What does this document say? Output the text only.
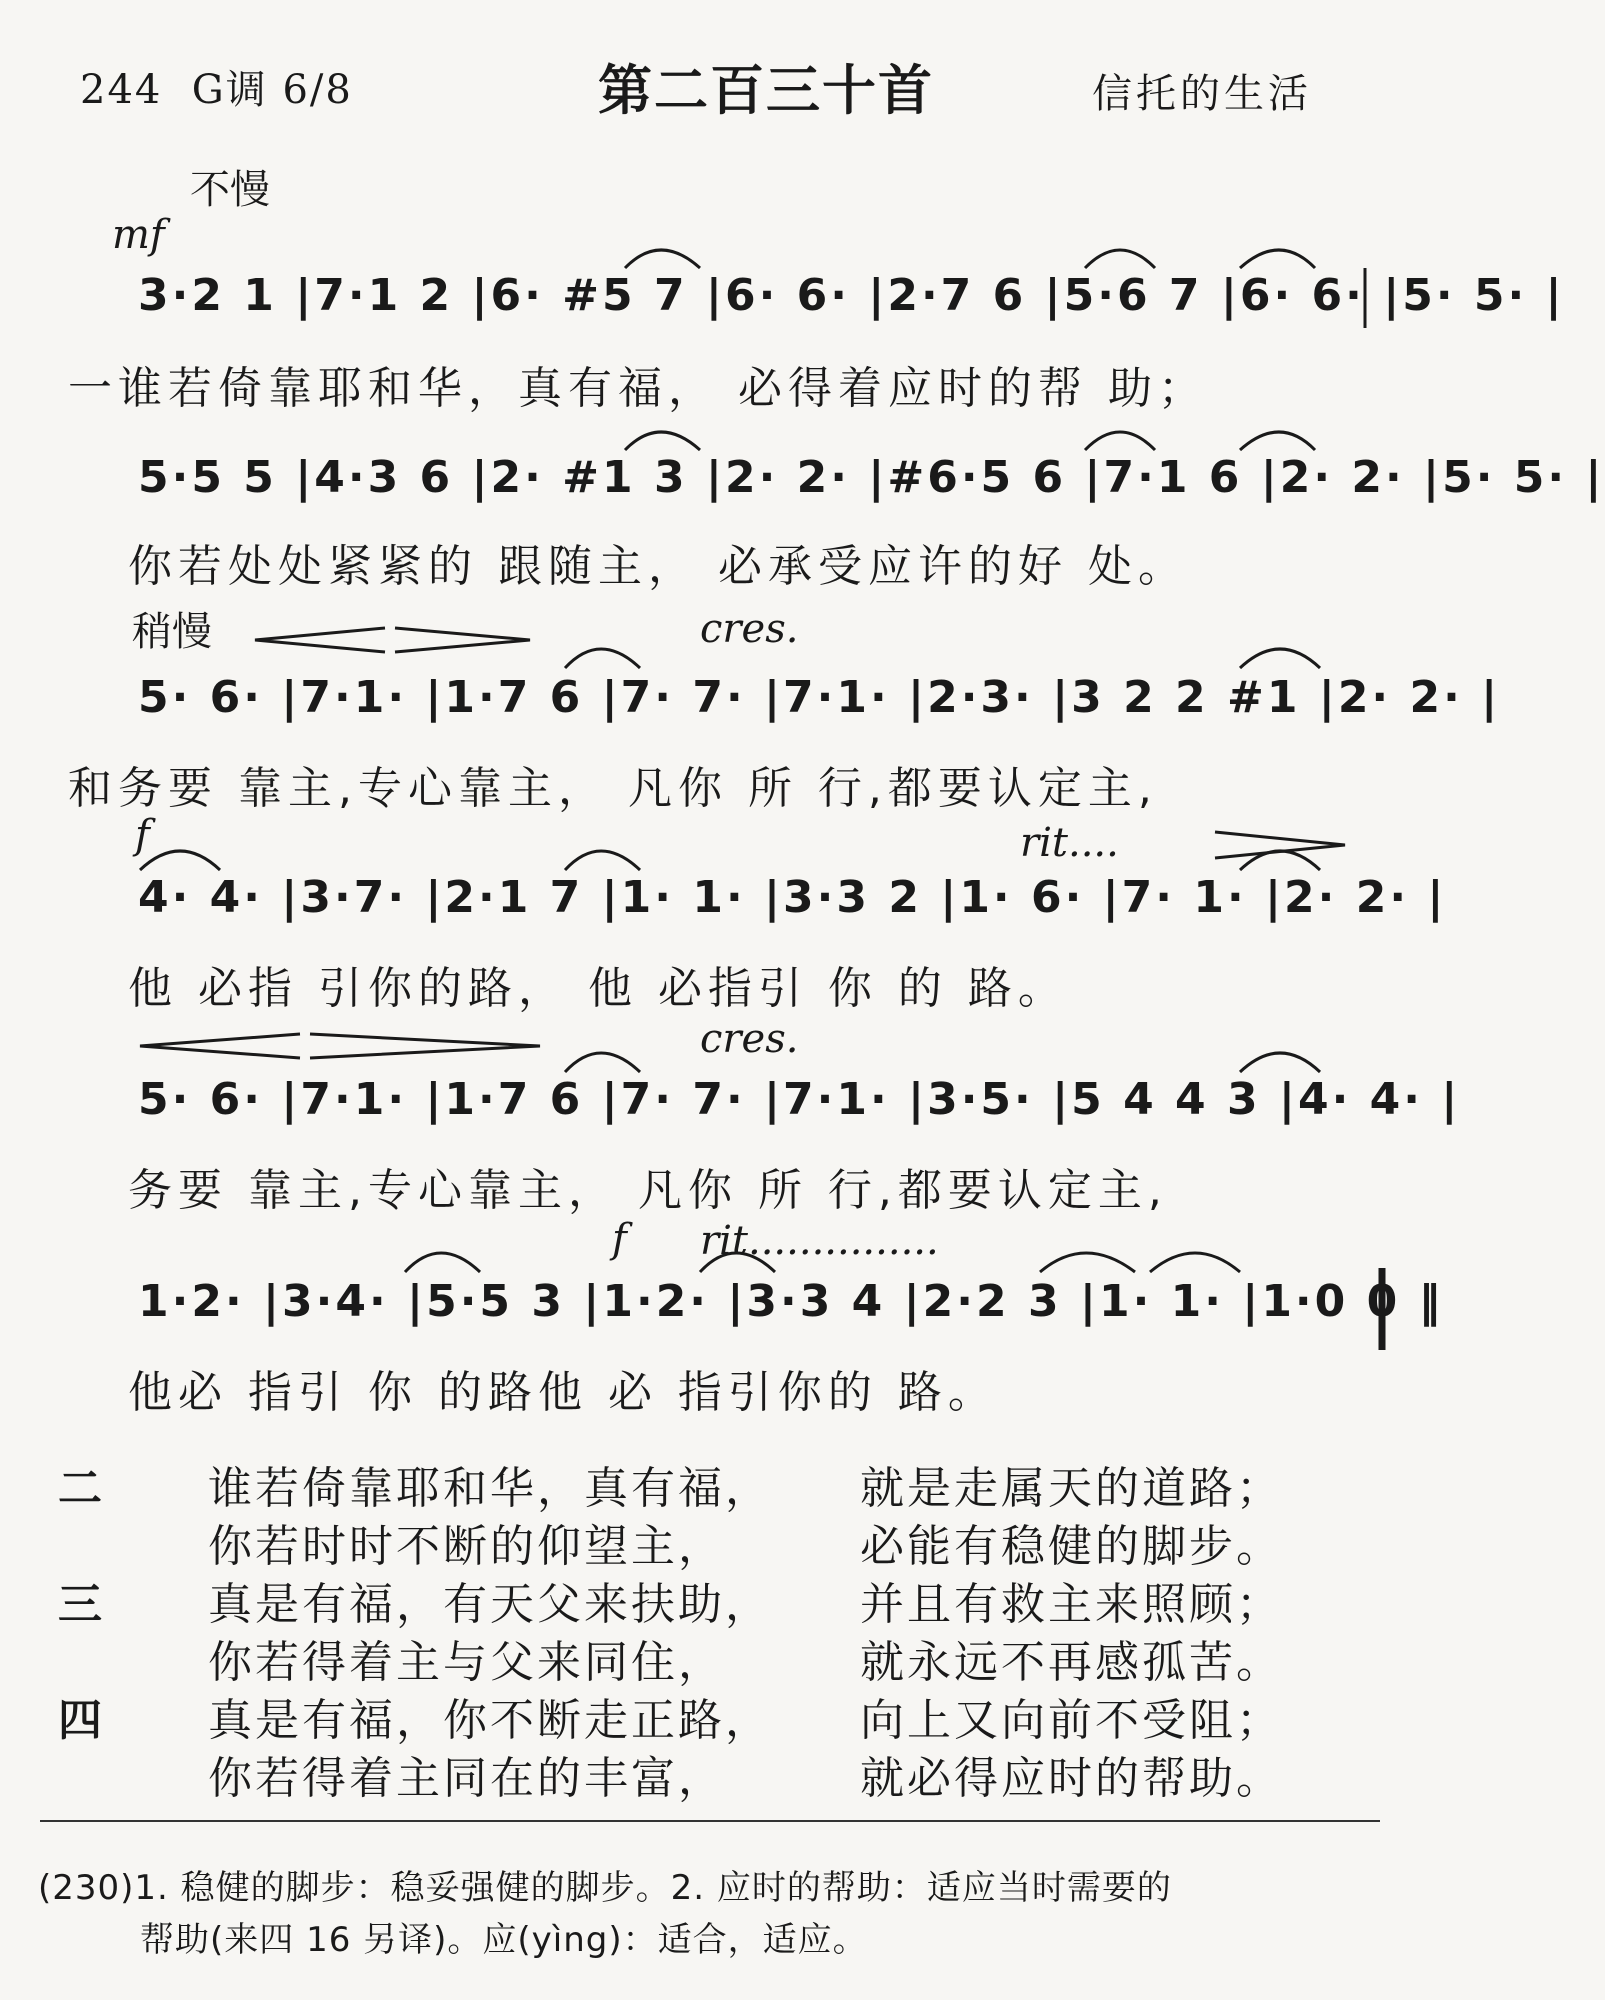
244 G调 6/8	第二百三十首	信托的生活
不慢
mf
稍慢	cres.
f	rit....
cres.
f rit...............
3·2 1 |7·1 2 |6· #5 7 |6· 6· |2·7 6 |5·6 7 |6· 6· |5· 5· |
一谁若倚靠耶和华，真有福， 必得着应时的帮 助；
5·5 5 |4·3 6 |2· #1 3 |2· 2· |#6·5 6 |7·1 6 |2· 2· |5· 5· |
你若处处紧紧的 跟随主， 必承受应许的好 处。
5· 6· |7·1· |1·7 6 |7· 7· |7·1· |2·3· |3 2 2 #1 |2· 2· |
和务要 靠主,专心靠主， 凡你 所 行,都要认定主,
4· 4· |3·7· |2·1 7 |1· 1· |3·3 2 |1· 6· |7· 1· |2· 2· |
他 必指 引你的路， 他 必指引 你 的 路。
5· 6· |7·1· |1·7 6 |7· 7· |7·1· |3·5· |5 4 4 3 |4· 4· |
务要 靠主,专心靠主， 凡你 所 行,都要认定主,
1·2· |3·4· |5·5 3 |1·2· |3·3 4 |2·2 3 |1· 1· |1·0 0 ‖
他必 指引 你 的路他 必 指引你的 路。
二 谁若倚靠耶和华，真有福， 就是走属天的道路；
你若时时不断的仰望主，	必能有稳健的脚步。
三 真是有福，有天父来扶助， 并且有救主来照顾；
你若得着主与父来同住，	就永远不再感孤苦。
四 真是有福，你不断走正路， 向上又向前不受阻；
你若得着主同在的丰富，	就必得应时的帮助。
(230)1. 稳健的脚步：稳妥强健的脚步。2. 应时的帮助：适应当时需要的
帮助(来四 16 另译)。应(yìng)：适合，适应。
